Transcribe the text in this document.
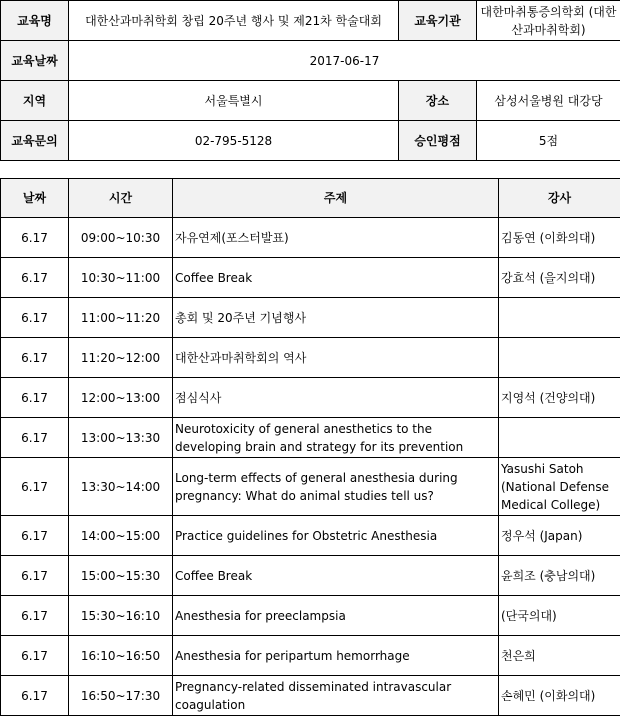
교육명	대한산과마취학회 창립 20주년 행사 및 제21차 학술대회	교육기관	대한마취통증의학회 (대한산과마취학회)
교육날짜	2017-06-17		
지역	서울특별시	장소	삼성서울병원 대강당
교육문의	02-795-5128	승인평점	5점
날짜	시간	주제	강사
6.17	09:00~10:30	자유연제(포스터발표)	김동연 (이화의대)
6.17	10:30~11:00	Coffee Break	강효석 (을지의대)
6.17	11:00~11:20	총회 및 20주년 기념행사	
6.17	11:20~12:00	대한산과마취학회의 역사	
6.17	12:00~13:00	점심식사	지영석 (건양의대)
6.17	13:00~13:30	Neurotoxicity of general anesthetics to the developing brain and strategy for its prevention	
6.17	13:30~14:00	Long-term effects of general anesthesia during pregnancy: What do animal studies tell us?	Yasushi Satoh (National Defense Medical College)
6.17	14:00~15:00	Practice guidelines for Obstetric Anesthesia	정우석 (Japan)
6.17	15:00~15:30	Coffee Break	윤희조 (충남의대)
6.17	15:30~16:10	Anesthesia for preeclampsia	(단국의대)
6.17	16:10~16:50	Anesthesia for peripartum hemorrhage	천은희
6.17	16:50~17:30	Pregnancy-related disseminated intravascular coagulation	손혜민 (이화의대)
